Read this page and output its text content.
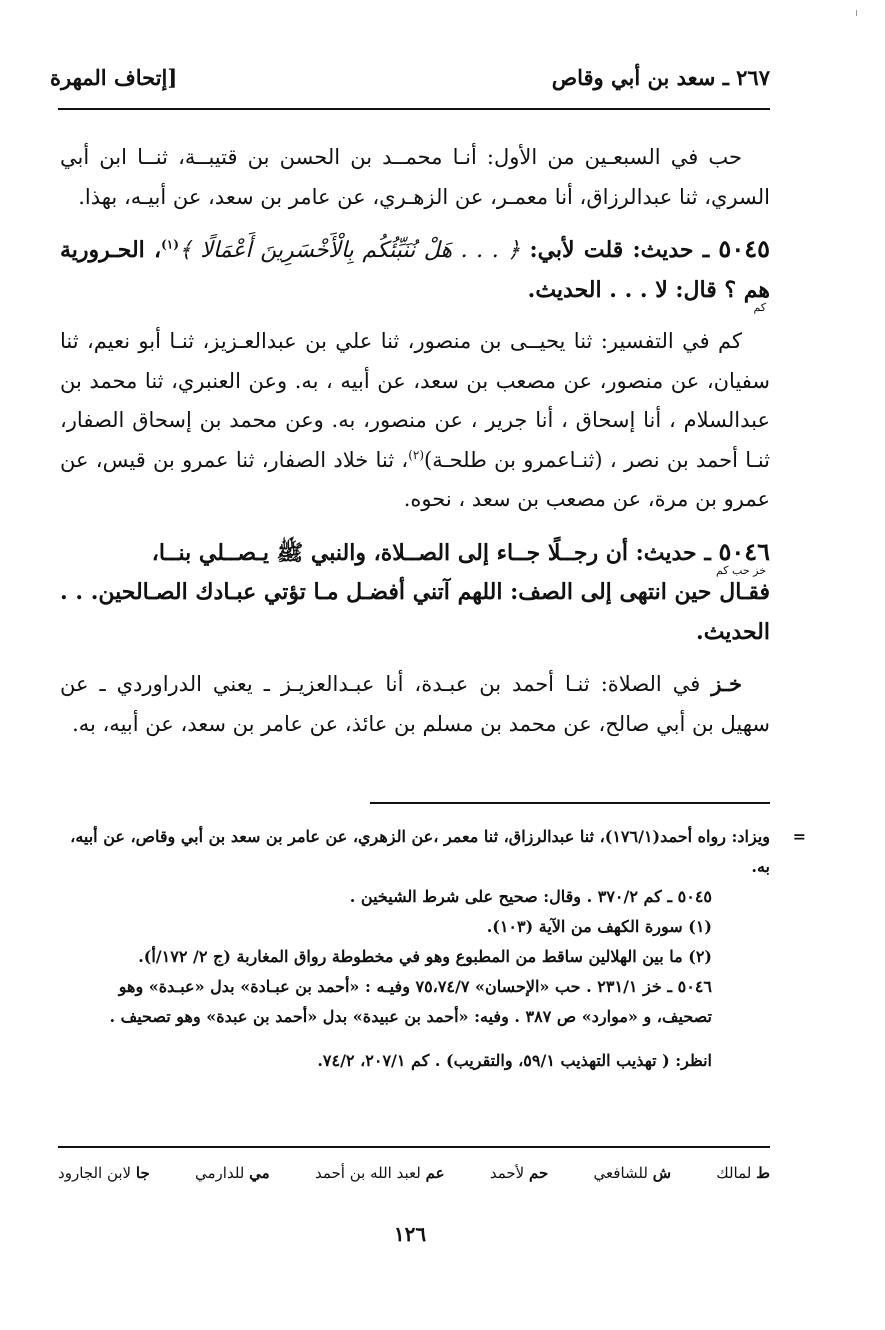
٢٦٧ ـ سعد بن أبي وقاص
[إتحاف المهرة

حب في السبعـين من الأول: أنـا محمــد بن الحسن بن قتيبــة، ثنــا ابن أبي السري، ثنا عبدالرزاق، أنا معمـر، عن الزهـري، عن عامر بن سعد، عن أبيـه، بهذا.

٥٠٤٥ ـ حديث: قلت لأبي: ﴿ . . . هَلْ نُنَبِّئُكُم بِالْأَخْسَرِينَ أَعْمَالًا ﴾$^{(١)}$، الحـرورية هم ؟ قال: لا . . . الحديث.
كم

كم في التفسير: ثنا يحيــى بن منصور، ثنا علي بن عبدالعـزيز، ثنـا أبو نعيم، ثنا سفيان، عن منصور، عن مصعب بن سعد، عن أبيه ، به. وعن العنبري، ثنا محمد بن عبدالسلام ، أنا إسحاق ، أنا جرير ، عن منصور، به. وعن محمد بن إسحاق الصفار، ثنـا أحمد بن نصر ، (ثنـاعمرو بن طلحـة)$^{(٢)}$، ثنا خلاد الصفار، ثنا عمرو بن قيس، عن عمرو بن مرة، عن مصعب بن سعد ، نحوه.

٥٠٤٦ ـ حديث: أن رجــلًا جــاء إلى الصــلاة، والنبي ﷺ يـصــلي بنــا،
خز حب كم
فقـال حين انتهى إلى الصف: اللهم آتني أفضـل مـا تؤتي عبـادك الصـالحين. . . الحديث.

خـز في الصلاة: ثنـا أحمد بن عبـدة، أنا عبـدالعزيـز ـ يعني الدراوردي ـ عن سهيل بن أبي صالح، عن محمد بن مسلم بن عائذ، عن عامر بن سعد، عن أبيه، به.

=
ويزاد: رواه أحمد(١٧٦/١)، ثنا عبدالرزاق، ثنا معمر ،عن الزهري، عن عامر بن سعد بن أبي وقاص، عن أبيه، به.

٥٠٤٥ ـ كم ٣٧٠/٢ . وقال: صحيح على شرط الشيخين .

(١) سورة الكهف من الآية (١٠٣).

(٢) ما بين الهلالين ساقط من المطبوع وهو في مخطوطة رواق المغاربة (ج ٢/ ١٧٢/أ).

٥٠٤٦ ـ خز ٢٣١/١ . حب «الإحسان» ٧٥،٧٤/٧ وفيـه : «أحمد بن عبـادة» بدل «عبـدة» وهو تصحيف، و «موارد» ص ٣٨٧ . وفيه: «أحمد بن عبيدة» بدل «أحمد بن عبدة» وهو تصحيف .

انظر: ( تهذيب التهذيب ٥٩/١، والتقريب) . كم ٢٠٧/١، ٧٤/٢.

ط لمالك
ش للشافعي
حم لأحمد
عم لعبد الله بن أحمد
مي للدارمي
جا لابن الجارود
١٢٦
